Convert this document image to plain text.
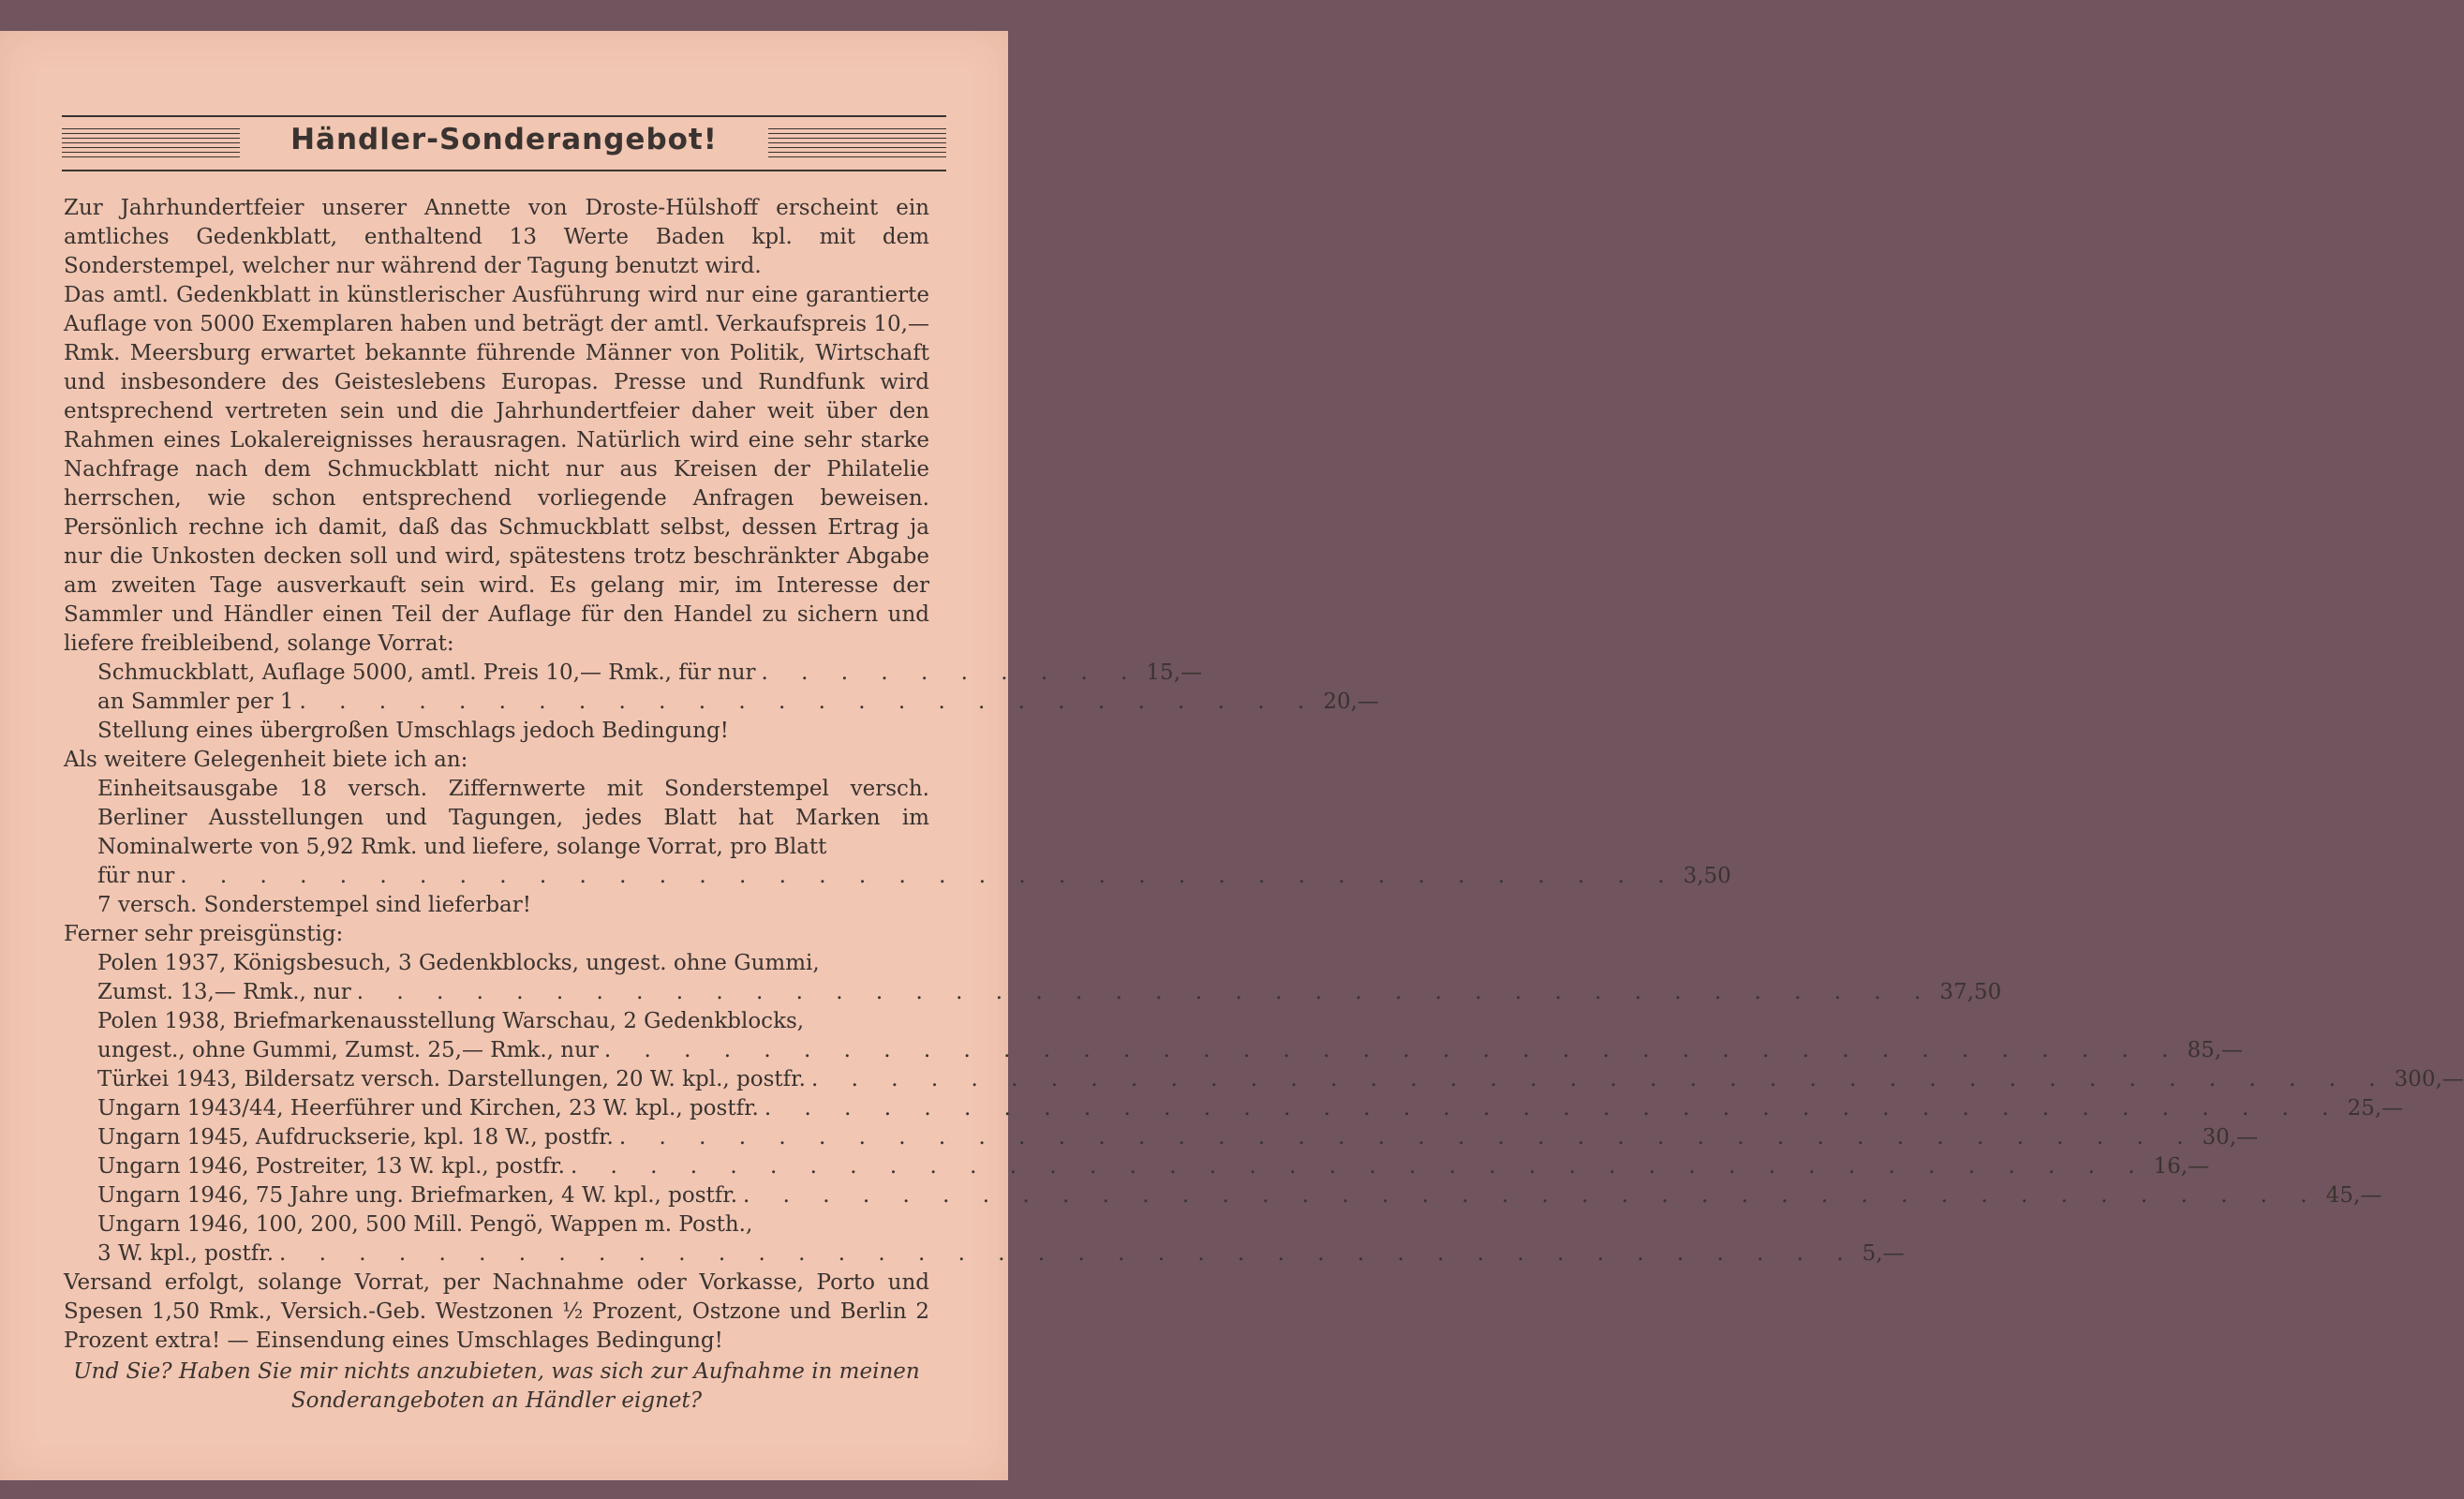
Händler-Sonderangebot!

Zur Jahrhundertfeier unserer Annette von Droste-Hülshoff erscheint ein amtliches Gedenkblatt, enthaltend 13 Werte Baden kpl. mit dem Sonderstempel, welcher nur während der Tagung benutzt wird.

Das amtl. Gedenkblatt in künstlerischer Ausführung wird nur eine garantierte Auflage von 5000 Exemplaren haben und beträgt der amtl. Verkaufspreis 10,— Rmk. Meersburg erwartet bekannte führende Männer von Politik, Wirtschaft und insbesondere des Geisteslebens Europas. Presse und Rundfunk wird entsprechend vertreten sein und die Jahrhundertfeier daher weit über den Rahmen eines Lokalereignisses herausragen. Natürlich wird eine sehr starke Nachfrage nach dem Schmuckblatt nicht nur aus Kreisen der Philatelie herrschen, wie schon entsprechend vorliegende Anfragen beweisen. Persönlich rechne ich damit, daß das Schmuckblatt selbst, dessen Ertrag ja nur die Unkosten decken soll und wird, spätestens trotz beschränkter Abgabe am zweiten Tage ausverkauft sein wird. Es gelang mir, im Interesse der Sammler und Händler einen Teil der Auflage für den Handel zu sichern und liefere freibleibend, solange Vorrat:

Schmuckblatt, Auflage 5000, amtl. Preis 10,— Rmk., für nur . . . . . . . . . . 15,—
an Sammler per 1 . . . . . . . . . . . . . . . . . . . . . . . . . . 20,—
Stellung eines übergroßen Umschlags jedoch Bedingung!

Als weitere Gelegenheit biete ich an:

Einheitsausgabe 18 versch. Ziffernwerte mit Sonderstempel versch. Berliner Ausstellungen und Tagungen, jedes Blatt hat Marken im Nominalwerte von 5,92 Rmk. und liefere, solange Vorrat, pro Blatt

für nur . . . . . . . . . . . . . . . . . . . . . . . . . . . . . . . . . . . . . . 3,50
7 versch. Sonderstempel sind lieferbar!

Ferner sehr preisgünstig:

Polen 1937, Königsbesuch, 3 Gedenkblocks, ungest. ohne Gummi,
Zumst. 13,— Rmk., nur . . . . . . . . . . . . . . . . . . . . . . . . . . . . . . . . . . . . . . . . 37,50
Polen 1938, Briefmarkenausstellung Warschau, 2 Gedenkblocks,
ungest., ohne Gummi, Zumst. 25,— Rmk., nur . . . . . . . . . . . . . . . . . . . . . . . . . . . . . . . . . . . . . . . . 85,—
Türkei 1943, Bildersatz versch. Darstellungen, 20 W. kpl., postfr. . . . . . . . . . . . . . . . . . . . . . . . . . . . . . . . . . . . . . . . . 300,—
Ungarn 1943/44, Heerführer und Kirchen, 23 W. kpl., postfr. . . . . . . . . . . . . . . . . . . . . . . . . . . . . . . . . . . . . . . . . 25,—
Ungarn 1945, Aufdruckserie, kpl. 18 W., postfr. . . . . . . . . . . . . . . . . . . . . . . . . . . . . . . . . . . . . . . . . 30,—
Ungarn 1946, Postreiter, 13 W. kpl., postfr. . . . . . . . . . . . . . . . . . . . . . . . . . . . . . . . . . . . . . . . . 16,—
Ungarn 1946, 75 Jahre ung. Briefmarken, 4 W. kpl., postfr. . . . . . . . . . . . . . . . . . . . . . . . . . . . . . . . . . . . . . . . . 45,—
Ungarn 1946, 100, 200, 500 Mill. Pengö, Wappen m. Posth.,
3 W. kpl., postfr. . . . . . . . . . . . . . . . . . . . . . . . . . . . . . . . . . . . . . . . . 5,—

Versand erfolgt, solange Vorrat, per Nachnahme oder Vorkasse, Porto und Spesen 1,50 Rmk., Versich.-Geb. Westzonen ½ Prozent, Ostzone und Berlin 2 Prozent extra! — Einsendung eines Umschlages Bedingung!

Und Sie? Haben Sie mir nichts anzubieten, was sich zur Aufnahme in meinen
Sonderangeboten an Händler eignet?
